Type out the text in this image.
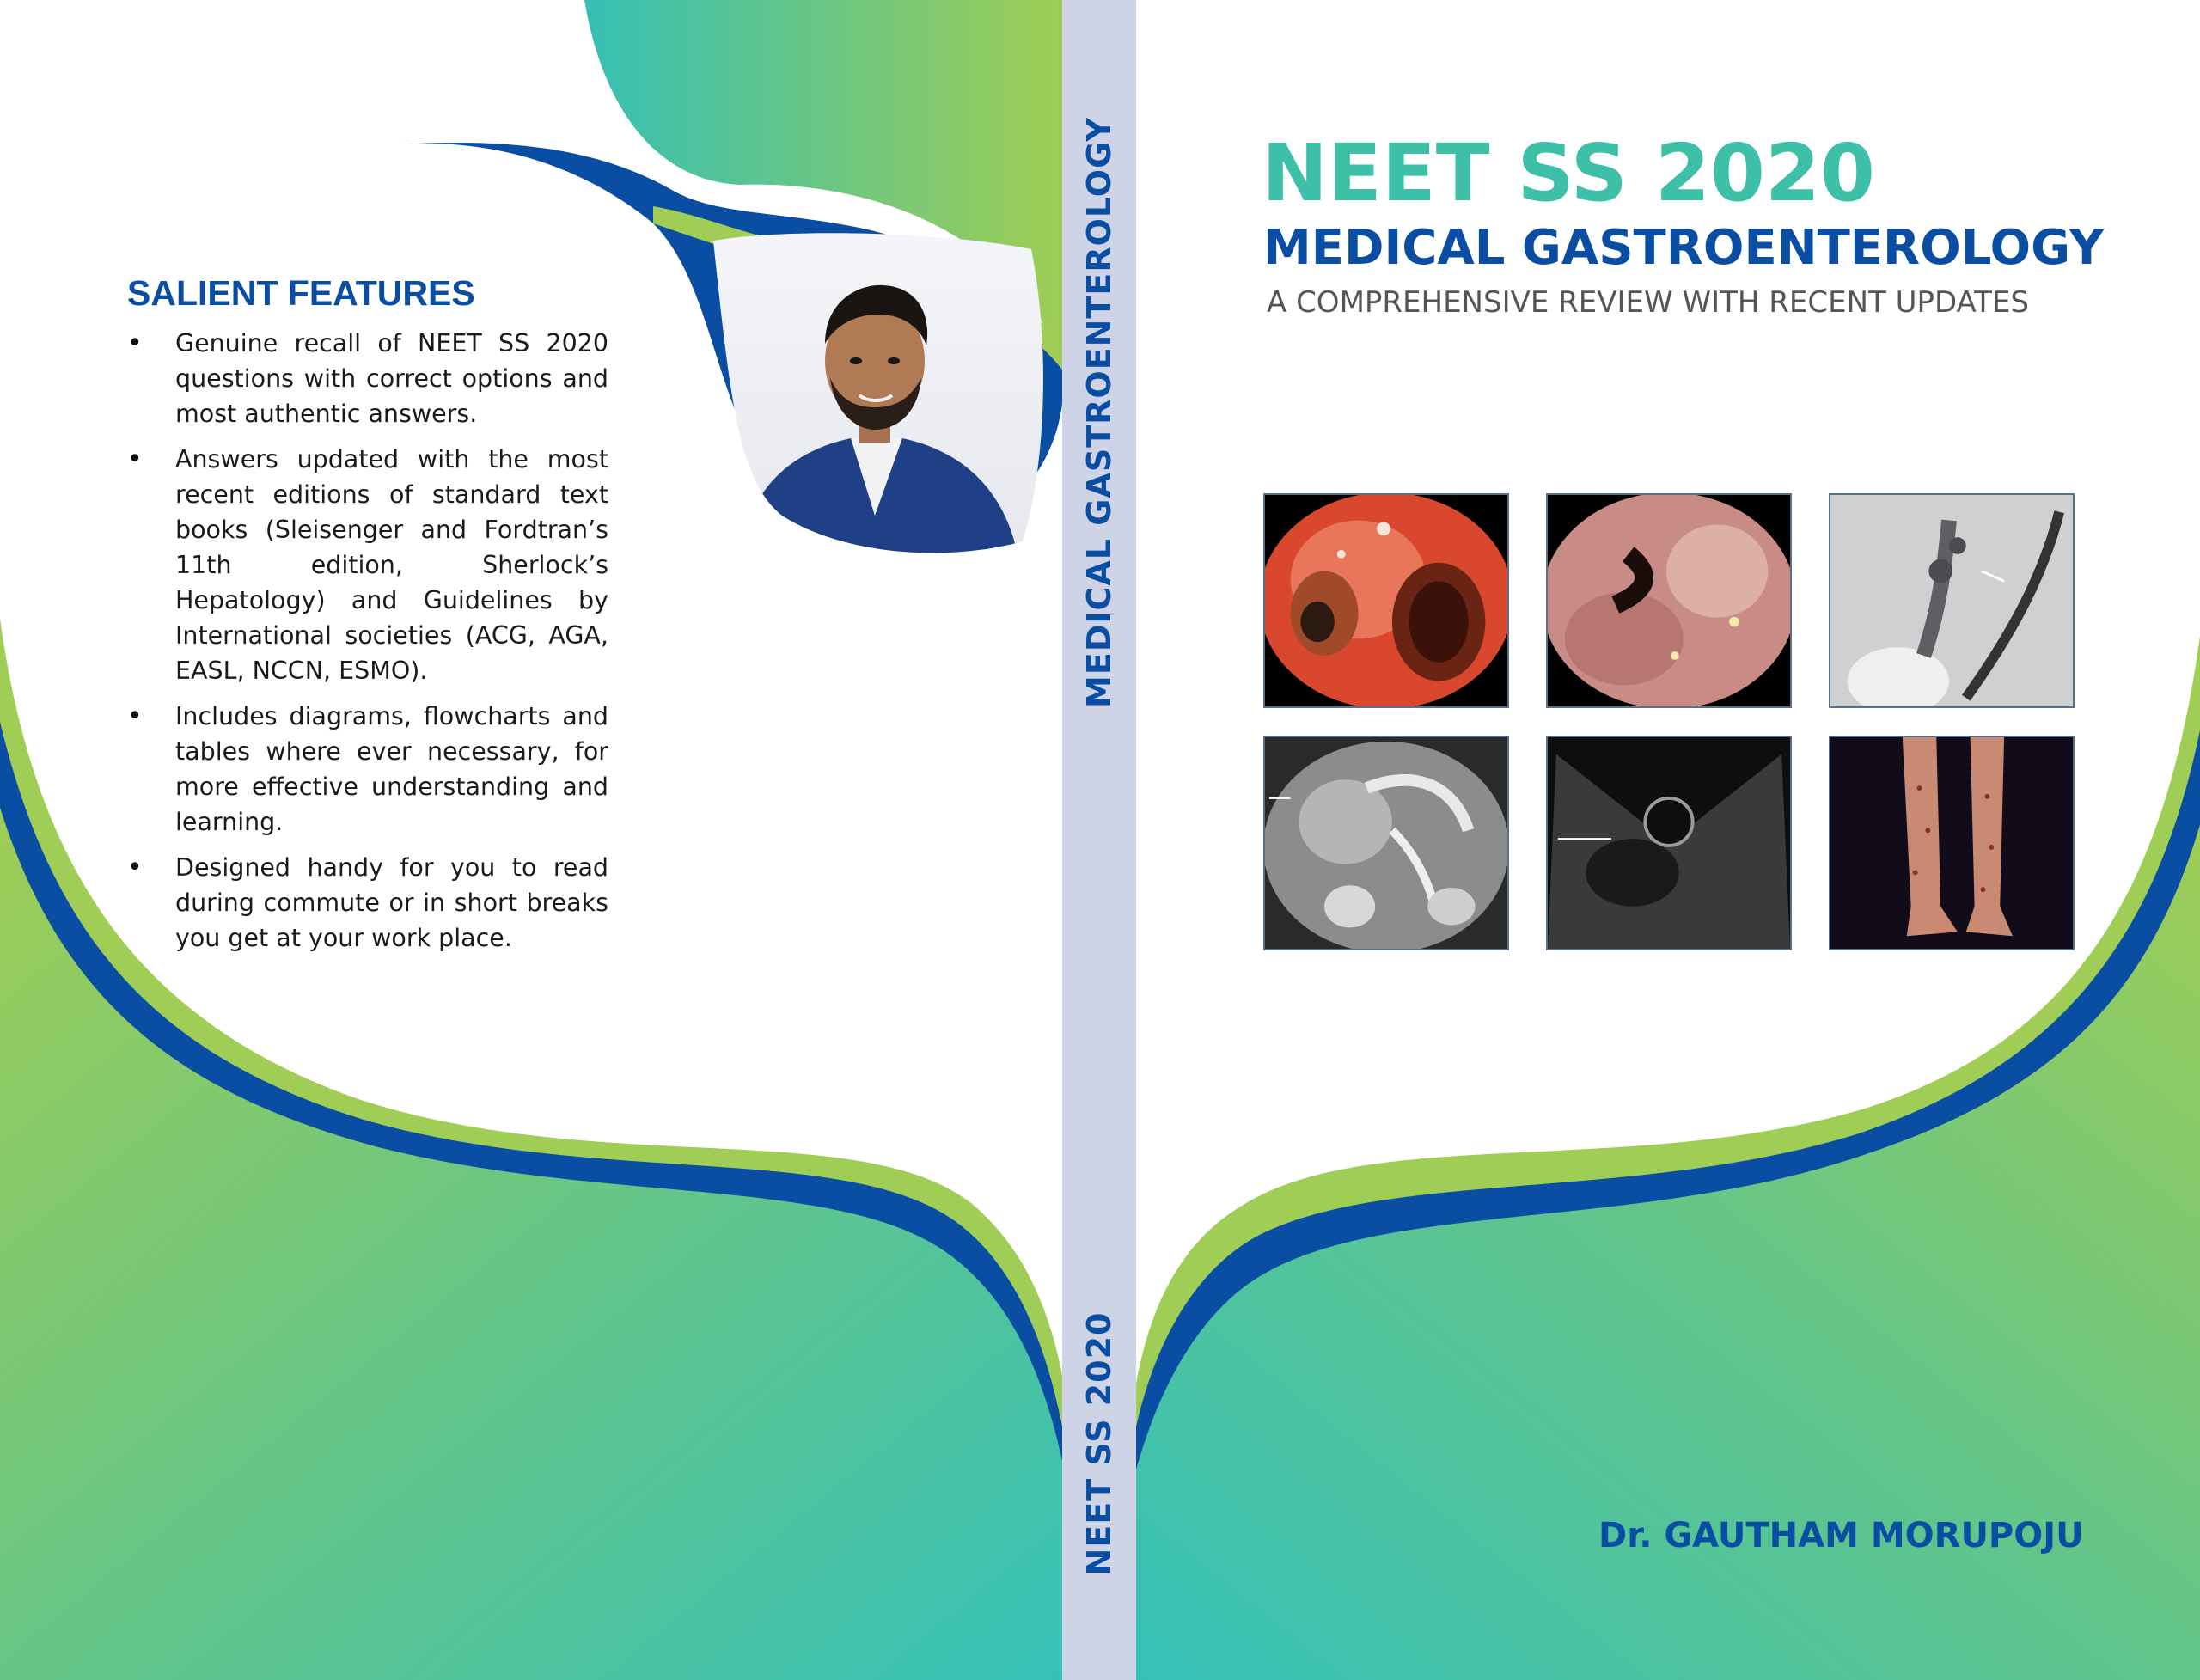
SALIENT FEATURES
• Genuine recall of NEET SS 2020 questions with correct options and most authentic answers.
• Answers updated with the most recent editions of standard text books (Sleisenger and Fordtran’s 11th edition, Sherlock’s Hepatology) and Guidelines by International societies (ACG, AGA, EASL, NCCN, ESMO).
• Includes diagrams, flowcharts and tables where ever necessary, for more effective understanding and learning.
• Designed handy for you to read during commute or in short breaks you get at your work place.
MEDICAL GASTROENTEROLOGY
NEET SS 2020
NEET SS 2020
MEDICAL GASTROENTEROLOGY

A COMPREHENSIVE REVIEW WITH RECENT UPDATES

Dr. GAUTHAM MORUPOJU
